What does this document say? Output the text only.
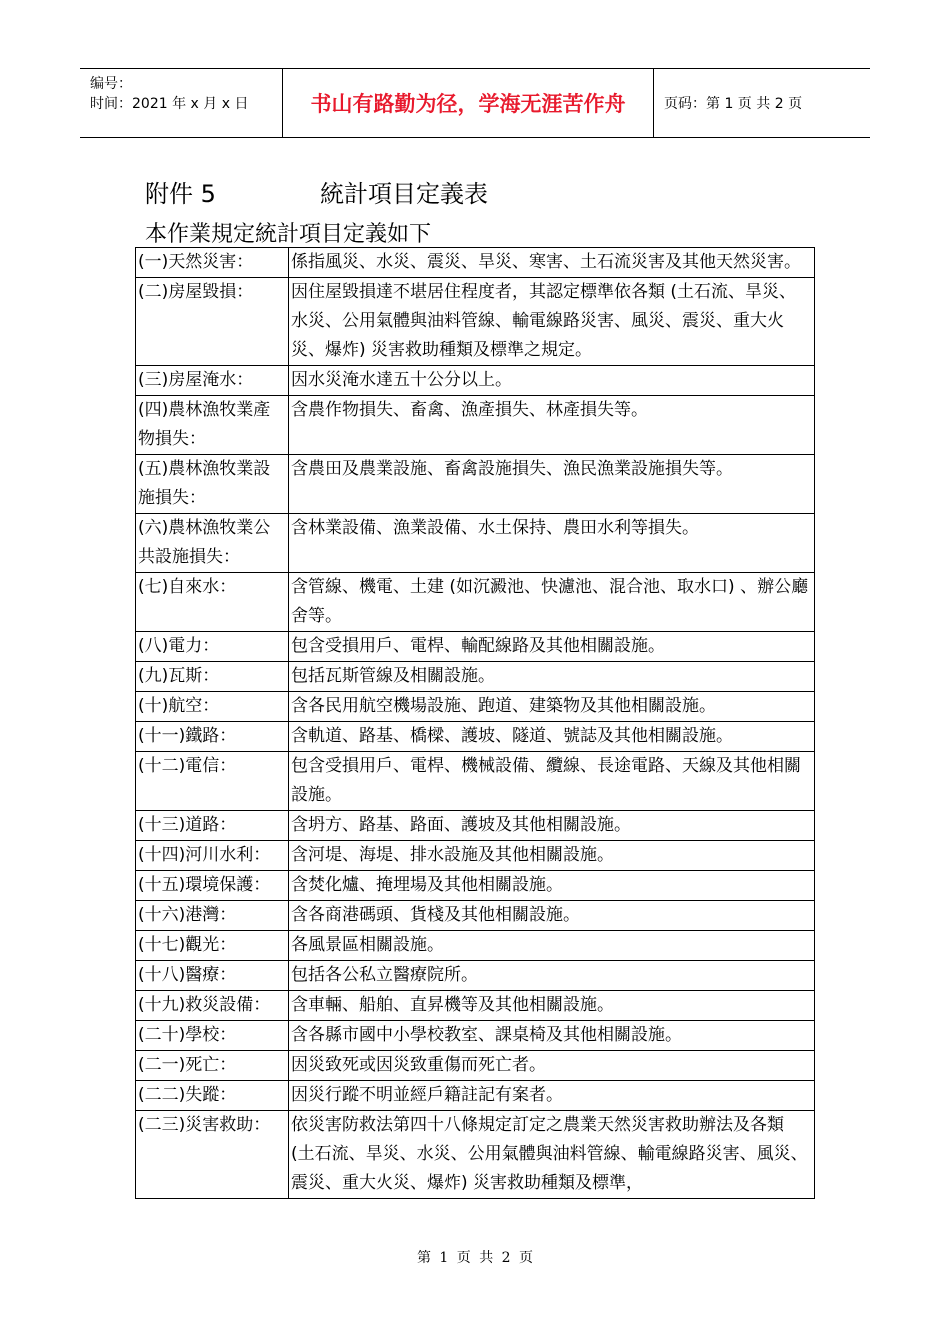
编号：
时间：2021 年 x 月 x 日	书山有路勤为径，学海无涯苦作舟	页码：第 1 页 共 2 页
附件 5	統計項目定義表
本作業規定統計項目定義如下
(一)天然災害：	係指風災、水災、震災、旱災、寒害、土石流災害及其他天然災害。
(二)房屋毀損：	因住屋毀損達不堪居住程度者，其認定標準依各類 (土石流、旱災、水災、公用氣體與油料管線、輸電線路災害、風災、震災、重大火災、爆炸) 災害救助種類及標準之規定。
(三)房屋淹水：	因水災淹水達五十公分以上。
(四)農林漁牧業產物損失：	含農作物損失、畜禽、漁產損失、林產損失等。
(五)農林漁牧業設施損失：	含農田及農業設施、畜禽設施損失、漁民漁業設施損失等。
(六)農林漁牧業公共設施損失：	含林業設備、漁業設備、水土保持、農田水利等損失。
(七)自來水：	含管線、機電、土建 (如沉澱池、快濾池、混合池、取水口) 、辦公廳舍等。
(八)電力：	包含受損用戶、電桿、輸配線路及其他相關設施。
(九)瓦斯：	包括瓦斯管線及相關設施。
(十)航空：	含各民用航空機場設施、跑道、建築物及其他相關設施。
(十一)鐵路：	含軌道、路基、橋樑、護坡、隧道、號誌及其他相關設施。
(十二)電信：	包含受損用戶、電桿、機械設備、纜線、長途電路、天線及其他相關設施。
(十三)道路：	含坍方、路基、路面、護坡及其他相關設施。
(十四)河川水利：	含河堤、海堤、排水設施及其他相關設施。
(十五)環境保護：	含焚化爐、掩埋場及其他相關設施。
(十六)港灣：	含各商港碼頭、貨棧及其他相關設施。
(十七)觀光：	各風景區相關設施。
(十八)醫療：	包括各公私立醫療院所。
(十九)救災設備：	含車輛、船舶、直昇機等及其他相關設施。
(二十)學校：	含各縣市國中小學校教室、課桌椅及其他相關設施。
(二一)死亡：	因災致死或因災致重傷而死亡者。
(二二)失蹤：	因災行蹤不明並經戶籍註記有案者。
(二三)災害救助：	依災害防救法第四十八條規定訂定之農業天然災害救助辦法及各類 (土石流、旱災、水災、公用氣體與油料管線、輸電線路災害、風災、震災、重大火災、爆炸) 災害救助種類及標準，
第 1 页 共 2 页
